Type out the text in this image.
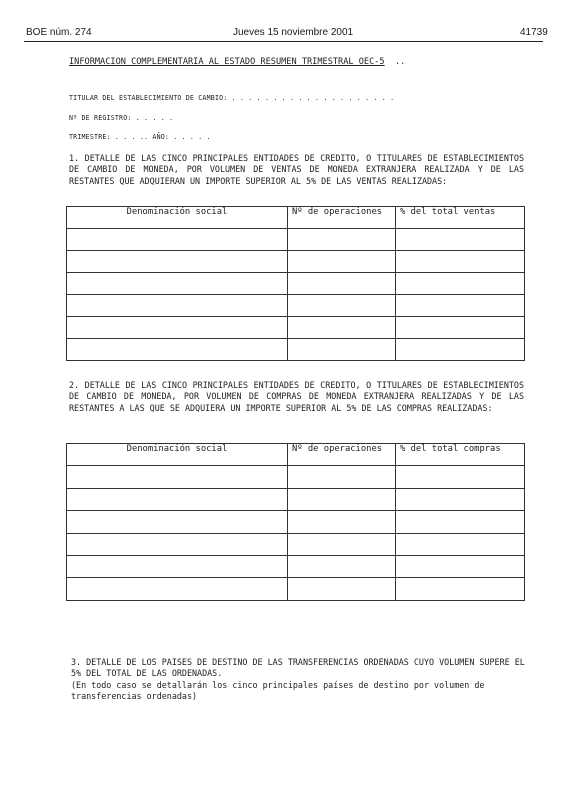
BOE núm. 274	Jueves 15 noviembre 2001	41739
INFORMACION COMPLEMENTARIA AL ESTADO RESUMEN TRIMESTRAL OEC-5  ..
TITULAR DEL ESTABLECIMIENTO DE CAMBIO: . . . . . . . . . . . . . . . . . . . .
Nº DE REGISTRO: . . . . .
TRIMESTRE: . . . .. AÑO: . . . . .
1. DETALLE DE LAS CINCO PRINCIPALES ENTIDADES DE CREDITO, O TITULARES DE ESTABLECIMIENTOS DE CAMBIO DE MONEDA, POR VOLUMEN DE VENTAS DE MONEDA EXTRANJERA REALIZADA Y DE LAS RESTANTES QUE ADQUIERAN UN IMPORTE SUPERIOR AL 5% DE LAS VENTAS REALIZADAS:
Denominación social	Nº de operaciones	% del total ventas

2. DETALLE DE LAS CINCO PRINCIPALES ENTIDADES DE CREDITO, O TITULARES DE ESTABLECIMIENTOS DE CAMBIO DE MONEDA, POR VOLUMEN DE COMPRAS DE MONEDA EXTRANJERA REALIZADAS Y DE LAS RESTANTES A LAS QUE SE ADQUIERA UN IMPORTE SUPERIOR AL 5% DE LAS COMPRAS REALIZADAS:
Denominación social	Nº de operaciones	% del total compras

3. DETALLE DE LOS PAISES DE DESTINO DE LAS TRANSFERENCIAS ORDENADAS CUYO VOLUMEN SUPERE EL 5% DEL TOTAL DE LAS ORDENADAS.
(En todo caso se detallarán los cinco principales países de destino por volumen de transferencias ordenadas)
